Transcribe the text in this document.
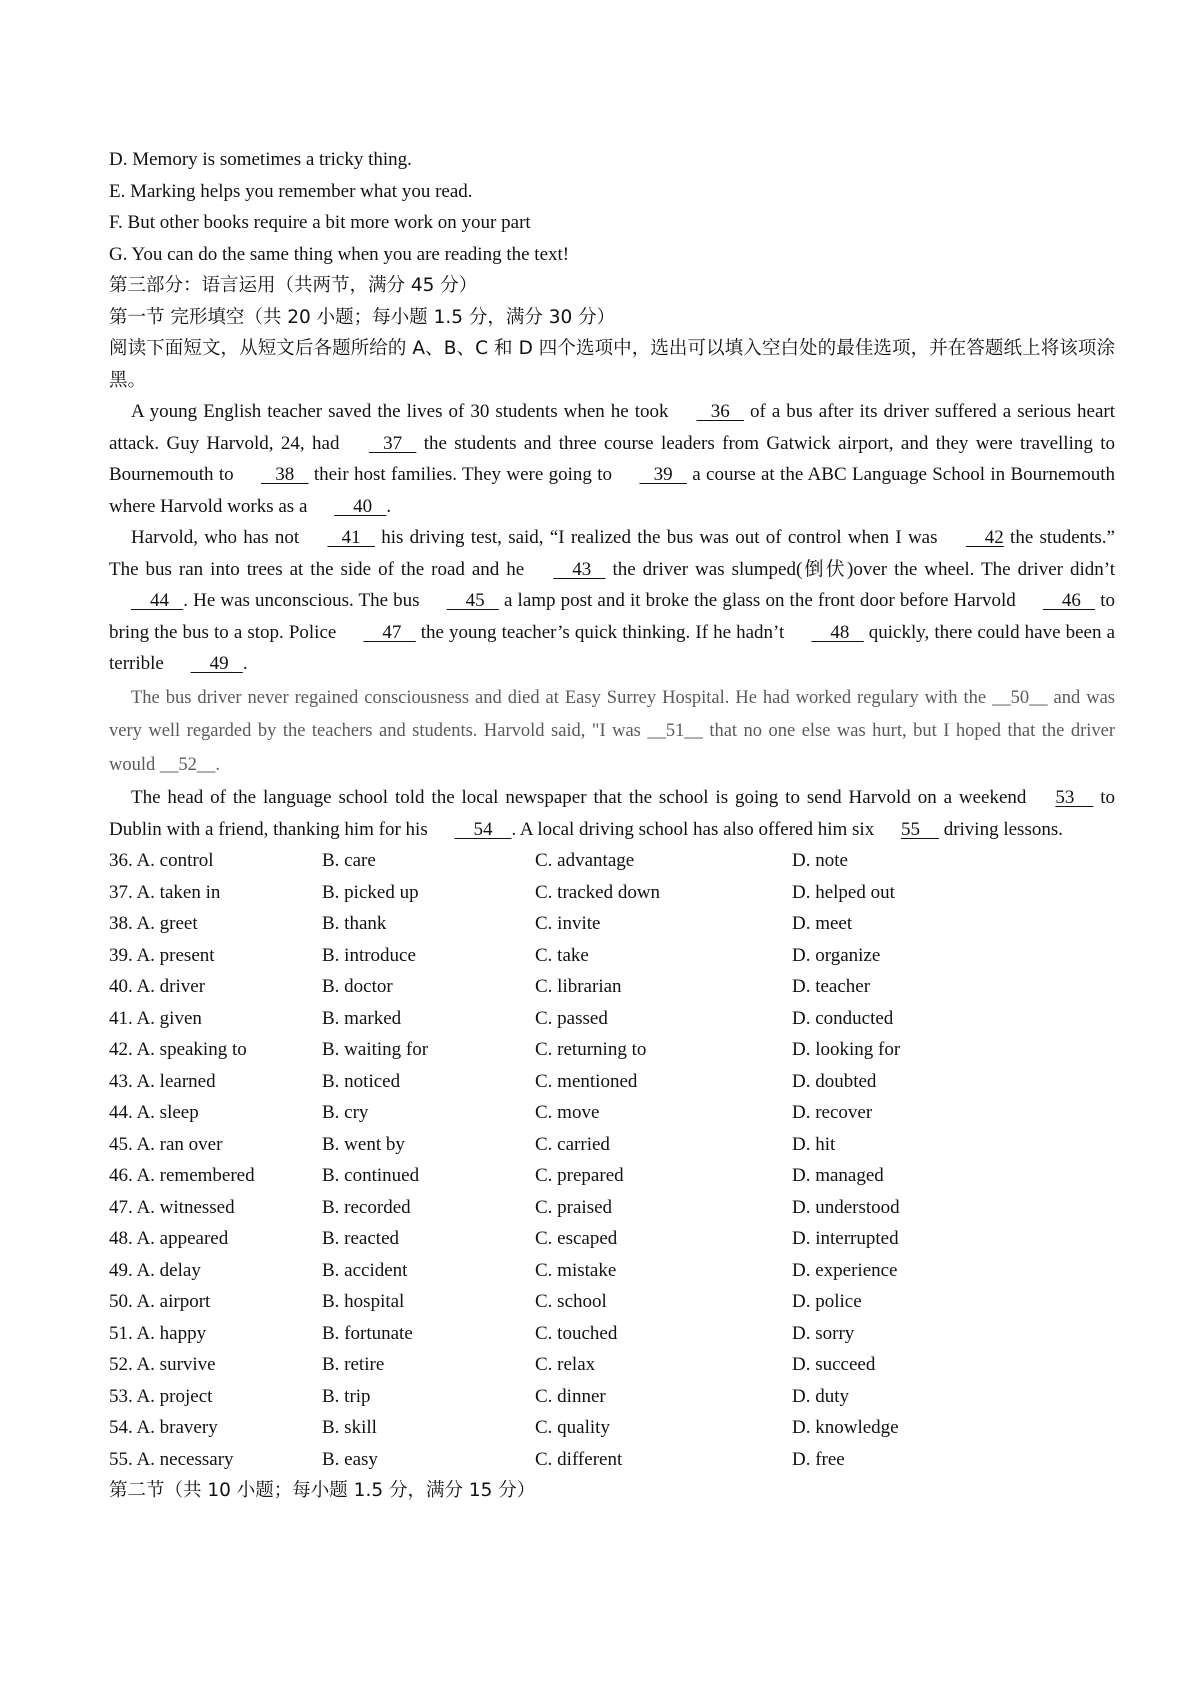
D. Memory is sometimes a tricky thing.
E. Marking helps you remember what you read.
F. But other books require a bit more work on your part
G. You can do the same thing when you are reading the text!
第三部分：语言运用（共两节，满分 45 分）
第一节 完形填空（共 20 小题；每小题 1.5 分，满分 30 分）
阅读下面短文，从短文后各题所给的 A、B、C 和 D 四个选项中，选出可以填入空白处的最佳选项，并在答题纸上将该项涂黑。
A young English teacher saved the lives of 30 students when he took    36    of a bus after its driver suffered a serious heart attack. Guy Harvold, 24, had    37    the students and three course leaders from Gatwick airport, and they were travelling to Bournemouth to    38    their host families. They were going to    39    a course at the ABC Language School in Bournemouth where Harvold works as a     40   .
Harvold, who has not    41    his driving test, said, “I realized the bus was out of control when I was     42 the students.” The bus ran into trees at the side of the road and he     43    the driver was slumped(倒伏)over the wheel. The driver didn’t     44   . He was unconscious. The bus     45    a lamp post and it broke the glass on the front door before Harvold     46    to bring the bus to a stop. Police     47    the young teacher’s quick thinking. If he hadn’t     48    quickly, there could have been a terrible     49   .
The bus driver never regained consciousness and died at Easy Surrey Hospital. He had worked regulary with the __50__ and was very well regarded by the teachers and students. Harvold said, "I was __51__ that no one else was hurt, but I hoped that the driver would __52__.
The head of the language school told the local newspaper that the school is going to send Harvold on a weekend 53     to Dublin with a friend, thanking him for his     54    . A local driving school has also offered him six 55     driving lessons.
36. A. control	B. care	C. advantage	D. note
37. A. taken in	B. picked up	C. tracked down	D. helped out
38. A. greet	B. thank	C. invite	D. meet
39. A. present	B. introduce	C. take	D. organize
40. A. driver	B. doctor	C. librarian	D. teacher
41. A. given	B. marked	C. passed	D. conducted
42. A. speaking to	B. waiting for	C. returning to	D. looking for
43. A. learned	B. noticed	C. mentioned	D. doubted
44. A. sleep	B. cry	C. move	D. recover
45. A. ran over	B. went by	C. carried	D. hit
46. A. remembered	B. continued	C. prepared	D. managed
47. A. witnessed	B. recorded	C. praised	D. understood
48. A. appeared	B. reacted	C. escaped	D. interrupted
49. A. delay	B. accident	C. mistake	D. experience
50. A. airport	B. hospital	C. school	D. police
51. A. happy	B. fortunate	C. touched	D. sorry
52. A. survive	B. retire	C. relax	D. succeed
53. A. project	B. trip	C. dinner	D. duty
54. A. bravery	B. skill	C. quality	D. knowledge
55. A. necessary	B. easy	C. different	D. free
第二节（共 10 小题；每小题 1.5 分，满分 15 分）
